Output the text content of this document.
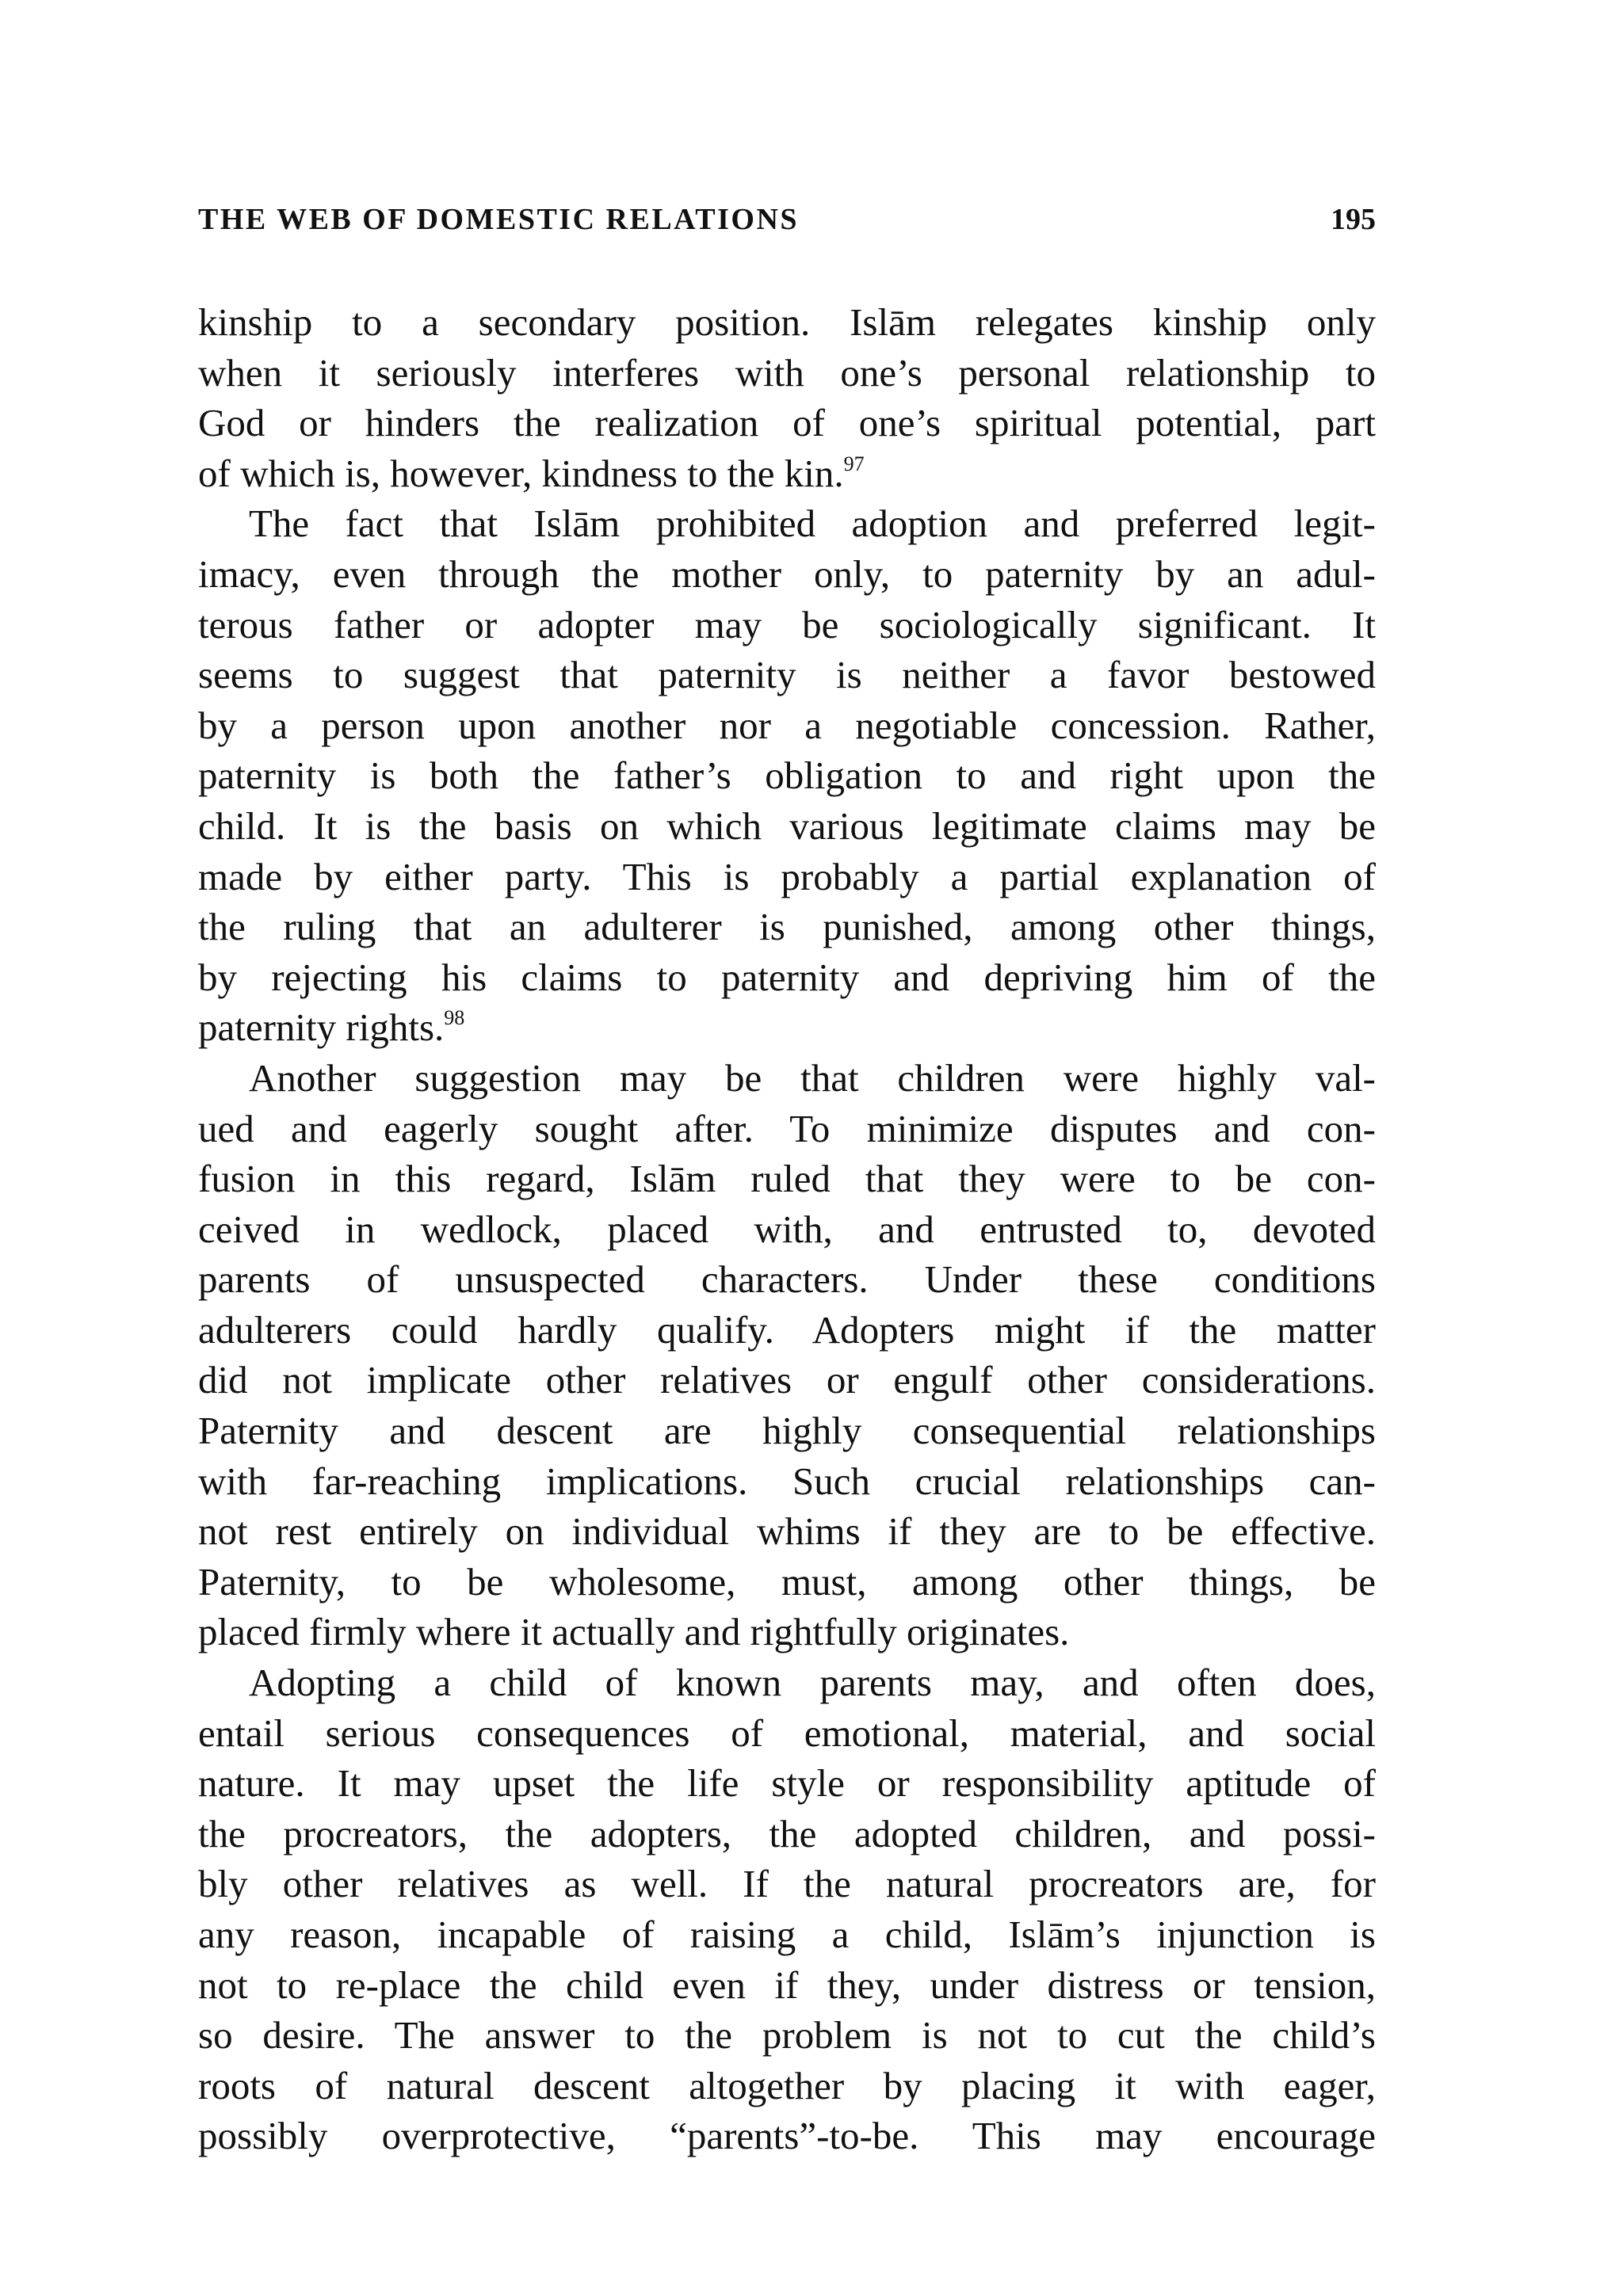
THE WEB OF DOMESTIC RELATIONS	195
kinship to a secondary position. Islām relegates kinship only
when it seriously interferes with one’s personal relationship to
God or hinders the realization of one’s spiritual potential, part
of which is, however, kindness to the kin.$^{97}$
The fact that Islām prohibited adoption and preferred legit-
imacy, even through the mother only, to paternity by an adul-
terous father or adopter may be sociologically significant. It
seems to suggest that paternity is neither a favor bestowed
by a person upon another nor a negotiable concession. Rather,
paternity is both the father’s obligation to and right upon the
child. It is the basis on which various legitimate claims may be
made by either party. This is probably a partial explanation of
the ruling that an adulterer is punished, among other things,
by rejecting his claims to paternity and depriving him of the
paternity rights.$^{98}$
Another suggestion may be that children were highly val-
ued and eagerly sought after. To minimize disputes and con-
fusion in this regard, Islām ruled that they were to be con-
ceived in wedlock, placed with, and entrusted to, devoted
parents of unsuspected characters. Under these conditions
adulterers could hardly qualify. Adopters might if the matter
did not implicate other relatives or engulf other considerations.
Paternity and descent are highly consequential relationships
with far-reaching implications. Such crucial relationships can-
not rest entirely on individual whims if they are to be effective.
Paternity, to be wholesome, must, among other things, be
placed firmly where it actually and rightfully originates.
Adopting a child of known parents may, and often does,
entail serious consequences of emotional, material, and social
nature. It may upset the life style or responsibility aptitude of
the procreators, the adopters, the adopted children, and possi-
bly other relatives as well. If the natural procreators are, for
any reason, incapable of raising a child, Islām’s injunction is
not to re-place the child even if they, under distress or tension,
so desire. The answer to the problem is not to cut the child’s
roots of natural descent altogether by placing it with eager,
possibly overprotective, “parents”-to-be. This may encourage
